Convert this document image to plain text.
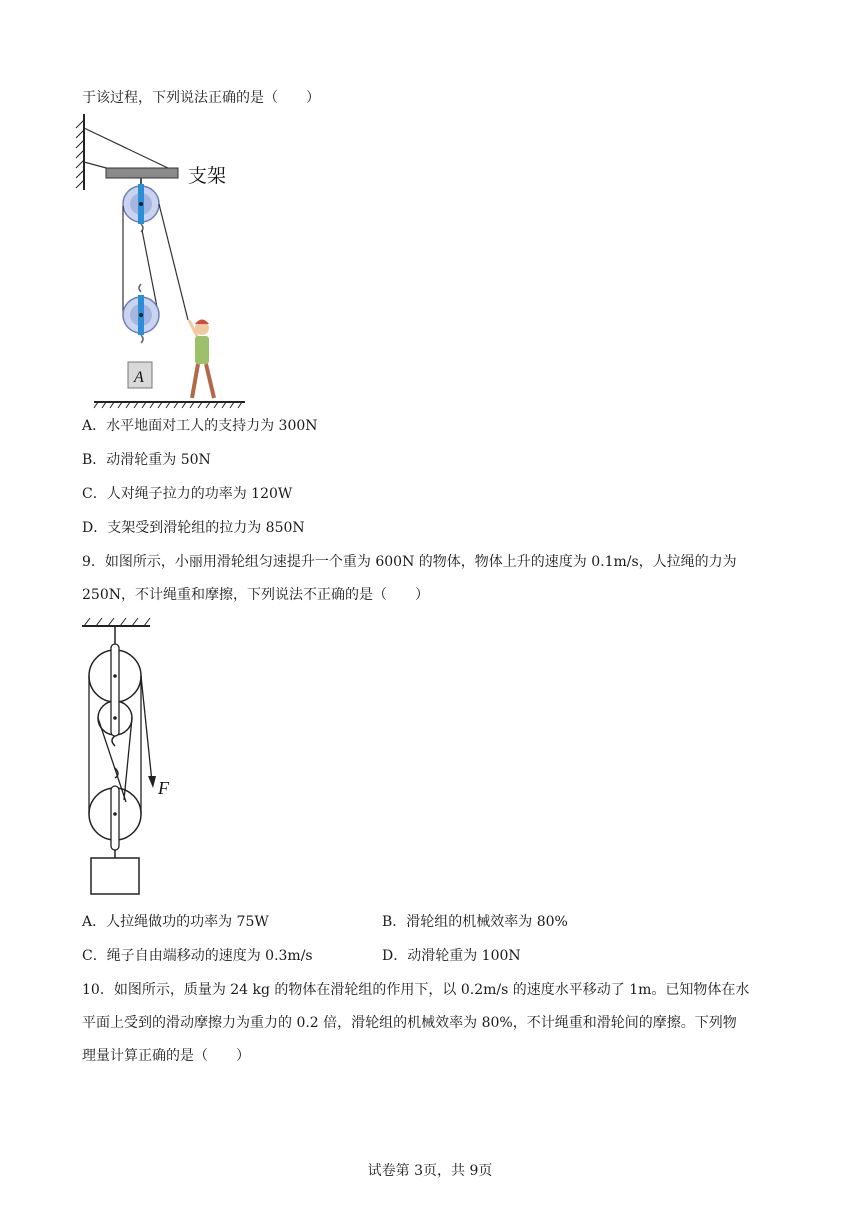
于该过程，下列说法正确的是（　　）
支架
A
A．水平地面对工人的支持力为 300N
B．动滑轮重为 50N
C．人对绳子拉力的功率为 120W
D．支架受到滑轮组的拉力为 850N
9．如图所示，小丽用滑轮组匀速提升一个重为 600N 的物体，物体上升的速度为 0.1m/s，人拉绳的力为
250N，不计绳重和摩擦，下列说法不正确的是（　　）
F
A．人拉绳做功的功率为 75W	B．滑轮组的机械效率为 80%
C．绳子自由端移动的速度为 0.3m/s	D．动滑轮重为 100N
10．如图所示，质量为 24 kg 的物体在滑轮组的作用下，以 0.2m/s 的速度水平移动了 1m。已知物体在水
平面上受到的滑动摩擦力为重力的 0.2 倍，滑轮组的机械效率为 80%，不计绳重和滑轮间的摩擦。下列物
理量计算正确的是（　　）
试卷第 3页，共 9页
